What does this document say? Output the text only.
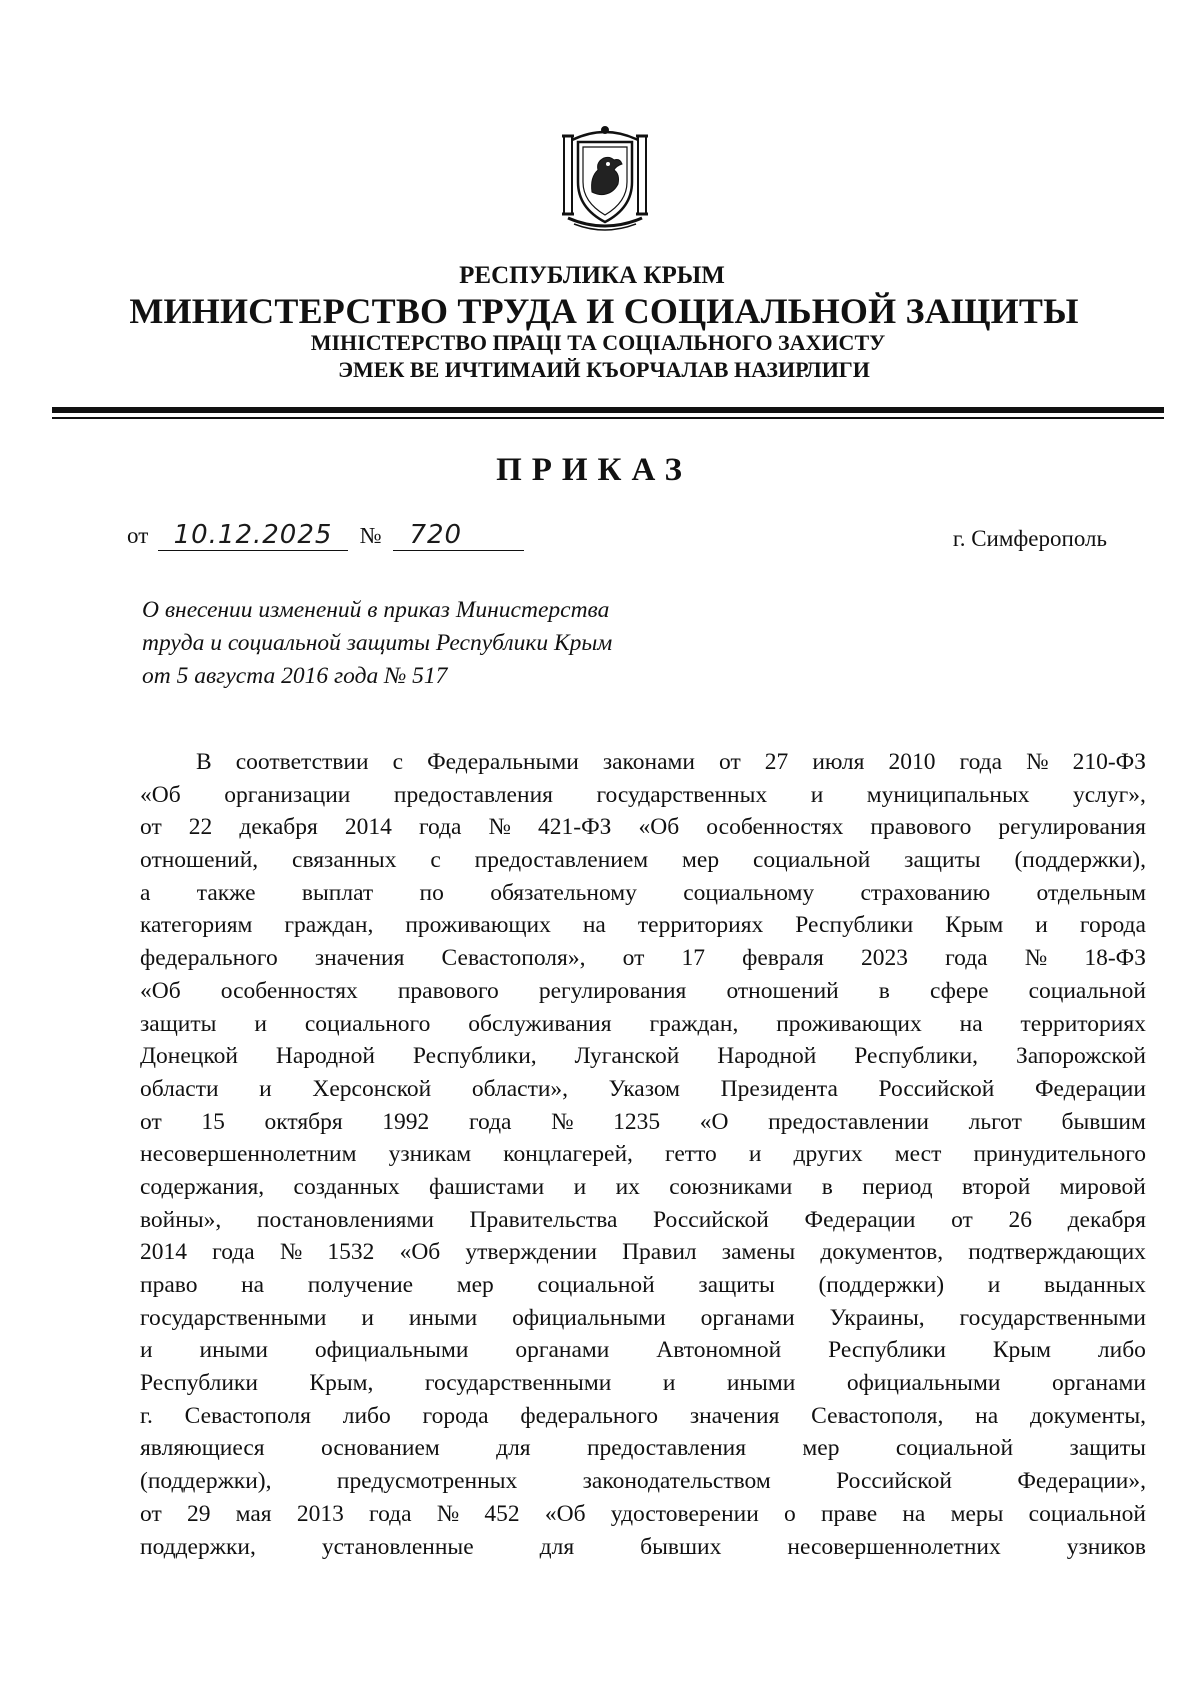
РЕСПУБЛИКА КРЫМ
МИНИСТЕРСТВО ТРУДА И СОЦИАЛЬНОЙ ЗАЩИТЫ
МІНІСТЕРСТВО ПРАЦІ ТА СОЦІАЛЬНОГО ЗАХИСТУ
ЭМЕК ВЕ ИЧТИМАИЙ КЪОРЧАЛАВ НАЗИРЛИГИ
ПРИКАЗ
от 10.12.2025 № 720	г. Симферополь
О внесении изменений в приказ Министерства
труда и социальной защиты Республики Крым
от 5 августа 2016 года № 517
В соответствии с Федеральными законами от 27 июля 2010 года № 210-ФЗ
«Об организации предоставления государственных и муниципальных услуг»,
от 22 декабря 2014 года № 421-ФЗ «Об особенностях правового регулирования
отношений, связанных с предоставлением мер социальной защиты (поддержки),
а также выплат по обязательному социальному страхованию отдельным
категориям граждан, проживающих на территориях Республики Крым и города
федерального значения Севастополя», от 17 февраля 2023 года № 18-ФЗ
«Об особенностях правового регулирования отношений в сфере социальной
защиты и социального обслуживания граждан, проживающих на территориях
Донецкой Народной Республики, Луганской Народной Республики, Запорожской
области и Херсонской области», Указом Президента Российской Федерации
от 15 октября 1992 года № 1235 «О предоставлении льгот бывшим
несовершеннолетним узникам концлагерей, гетто и других мест принудительного
содержания, созданных фашистами и их союзниками в период второй мировой
войны», постановлениями Правительства Российской Федерации от 26 декабря
2014 года № 1532 «Об утверждении Правил замены документов, подтверждающих
право на получение мер социальной защиты (поддержки) и выданных
государственными и иными официальными органами Украины, государственными
и иными официальными органами Автономной Республики Крым либо
Республики Крым, государственными и иными официальными органами
г. Севастополя либо города федерального значения Севастополя, на документы,
являющиеся основанием для предоставления мер социальной защиты
(поддержки),	предусмотренных	законодательством	Российской	Федерации»,
от 29 мая 2013 года № 452 «Об удостоверении о праве на меры социальной
поддержки,	установленные	для	бывших	несовершеннолетних	узников
